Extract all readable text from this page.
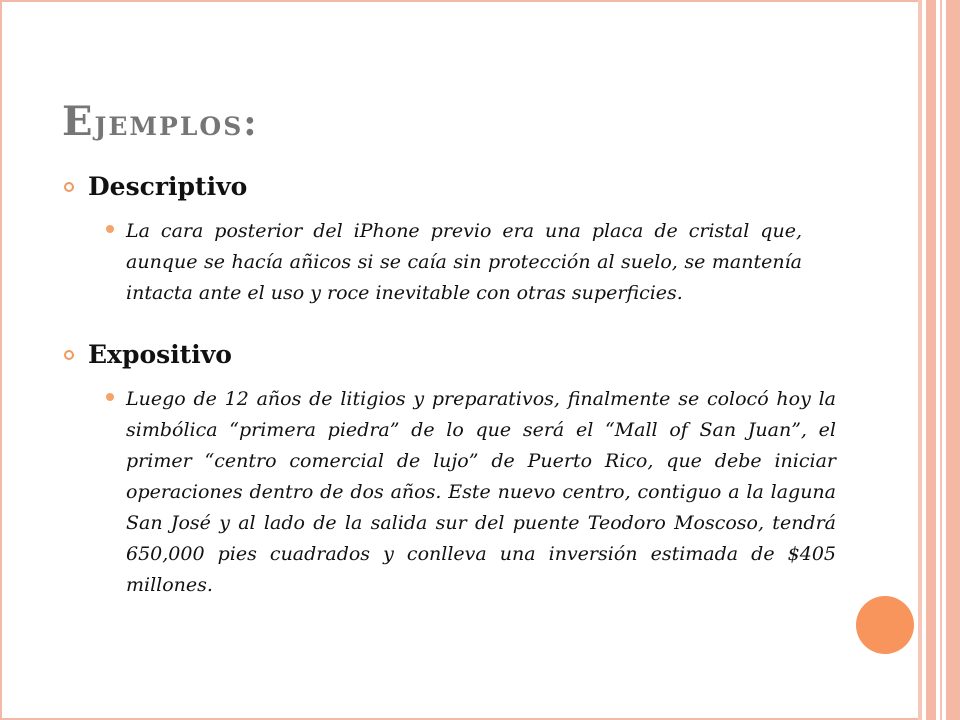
Ejemplos:
Descriptivo

La cara posterior del iPhone previo era una placa de cristal que, aunque se hacía añicos si se caía sin protección al suelo, se mantenía intacta ante el uso y roce inevitable con otras superficies.

Expositivo

Luego de 12 años de litigios y preparativos, finalmente se colocó hoy la simbólica “primera piedra” de lo que será el “Mall of San Juan”, el primer “centro comercial de lujo” de Puerto Rico, que debe iniciar operaciones dentro de dos años. Este nuevo centro, contiguo a la laguna San José y al lado de la salida sur del puente Teodoro Moscoso, tendrá 650,000 pies cuadrados y conlleva una inversión estimada de $405 millones.
